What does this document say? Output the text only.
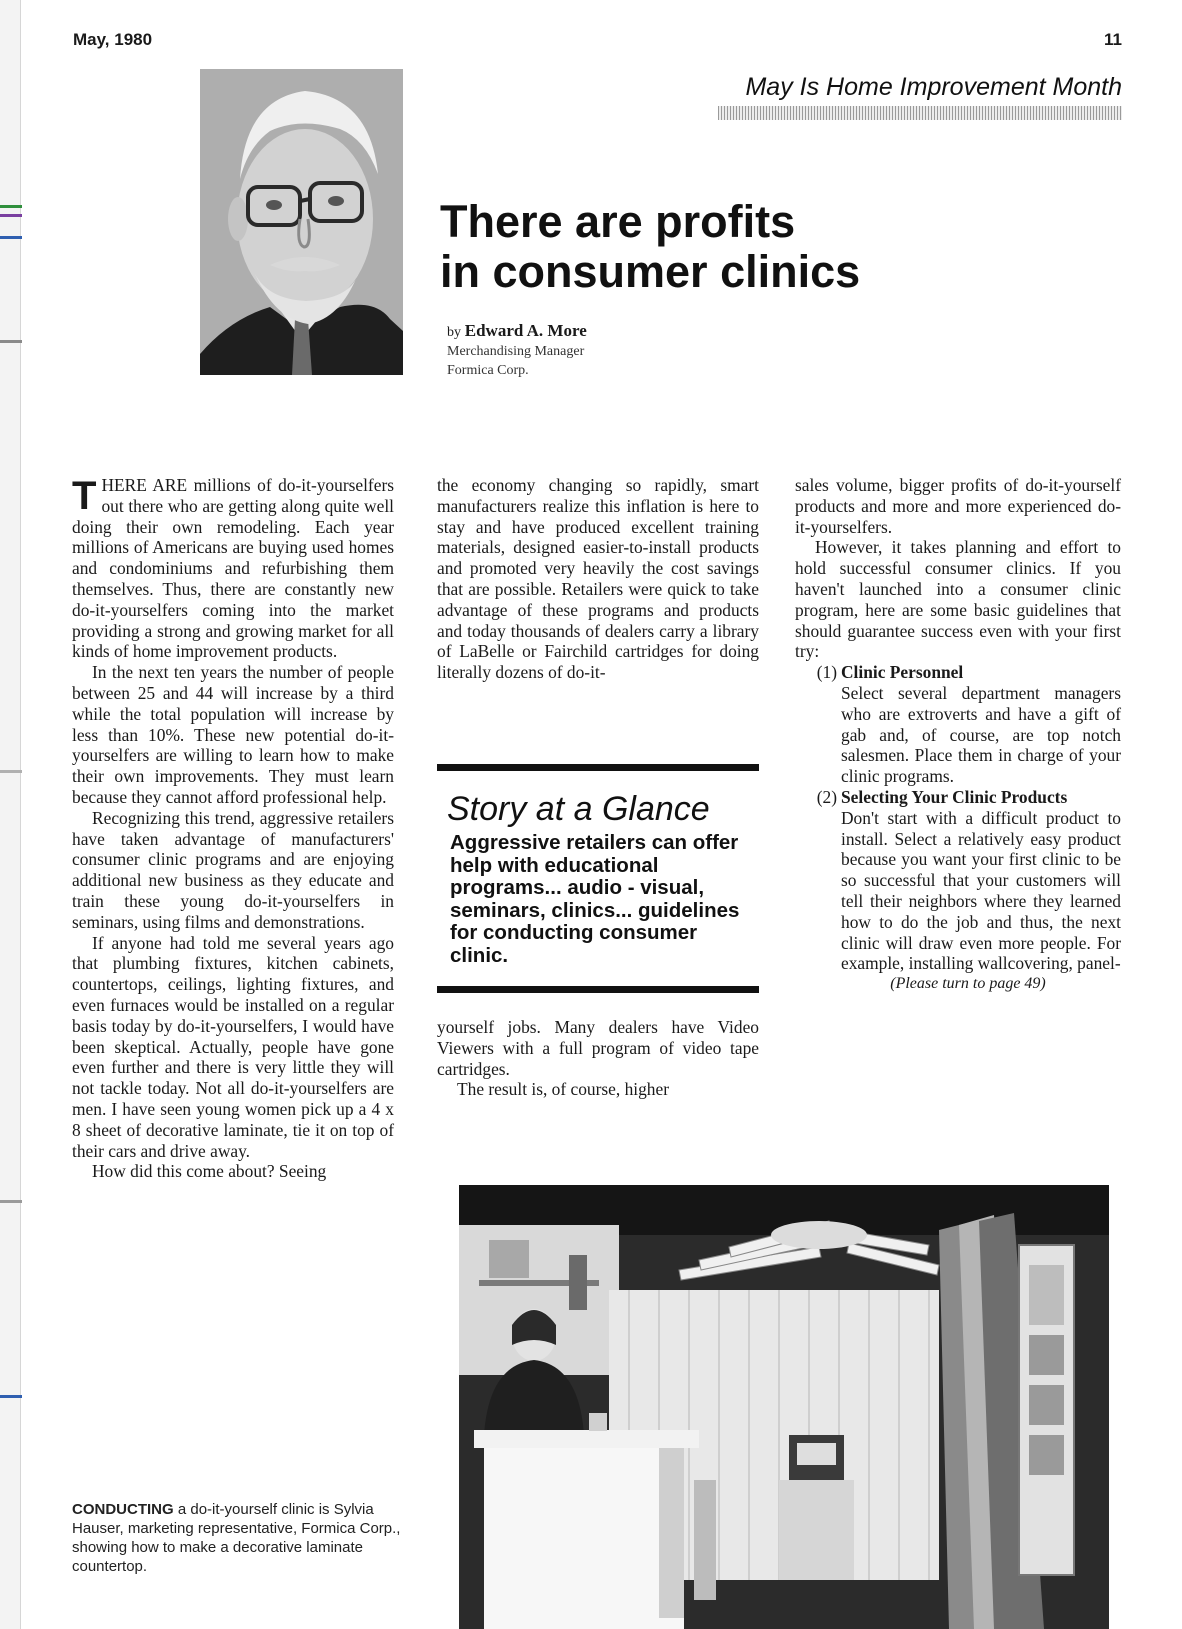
May, 1980	11
May Is Home Improvement Month
There are profits
in consumer clinics
by Edward A. More
Merchandising Manager
Formica Corp.

THERE ARE millions of do-it-yourselfers out there who are getting along quite well doing their own remodeling. Each year millions of Americans are buying used homes and condominiums and refurbishing them themselves. Thus, there are constantly new do-it-yourselfers coming into the market providing a strong and growing market for all kinds of home improvement products.

In the next ten years the number of people between 25 and 44 will increase by a third while the total population will increase by less than 10%. These new potential do-it-yourselfers are willing to learn how to make their own improvements. They must learn because they cannot afford professional help.

Recognizing this trend, aggressive retailers have taken advantage of manufacturers' consumer clinic programs and are enjoying additional new business as they educate and train these young do-it-yourselfers in seminars, using films and demonstrations.

If anyone had told me several years ago that plumbing fixtures, kitchen cabinets, countertops, ceilings, lighting fixtures, and even furnaces would be installed on a regular basis today by do-it-yourselfers, I would have been skeptical. Actually, people have gone even further and there is very little they will not tackle today. Not all do-it-yourselfers are men. I have seen young women pick up a 4 x 8 sheet of decorative laminate, tie it on top of their cars and drive away.

How did this come about? Seeing

the economy changing so rapidly, smart manufacturers realize this inflation is here to stay and have produced excellent training materials, designed easier-to-install products and promoted very heavily the cost savings that are possible. Retailers were quick to take advantage of these programs and products and today thousands of dealers carry a library of LaBelle or Fairchild cartridges for doing literally dozens of do-it-

Story at a Glance
Aggressive retailers can offer help with educational programs... audio - visual, seminars, clinics... guidelines for conducting consumer clinic.

yourself jobs. Many dealers have Video Viewers with a full program of video tape cartridges.

The result is, of course, higher

sales volume, bigger profits of do-it-yourself products and more and more experienced do-it-yourselfers.

However, it takes planning and effort to hold successful consumer clinics. If you haven't launched into a consumer clinic program, here are some basic guidelines that should guarantee success even with your first try:

(1) Clinic Personnel
Select several department managers who are extroverts and have a gift of gab and, of course, are top notch salesmen. Place them in charge of your clinic programs.
(2) Selecting Your Clinic Products
Don't start with a difficult product to install. Select a relatively easy product because you want your first clinic to be so successful that your customers will tell their neighbors where they learned how to do the job and thus, the next clinic will draw even more people. For example, installing wallcovering, panel-

(Please turn to page 49)

CONDUCTING a do-it-yourself clinic is Sylvia Hauser, marketing representative, Formica Corp., showing how to make a decorative laminate countertop.
